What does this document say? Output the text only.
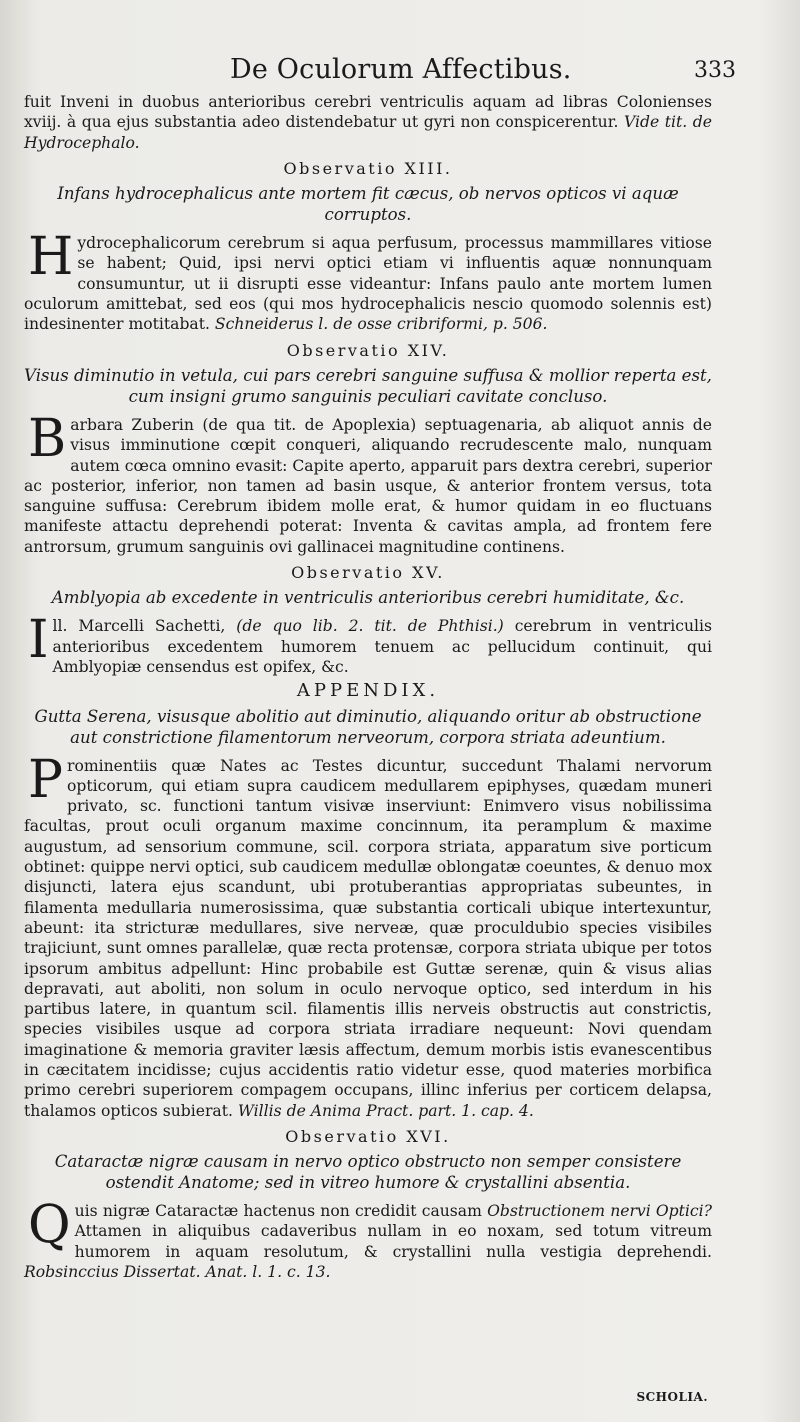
De Oculorum Affectibus.	333

fuit Inveni in duobus anterioribus cerebri ventriculis aquam ad libras Colonienses xviij. à qua ejus substantia adeo distendebatur ut gyri non conspicerentur. Vide tit. de Hydrocephalo.

Observatio XIII.
Infans hydrocephalicus ante mortem fit cæcus, ob nervos opticos vi aquæ corruptos.

Hydrocephalicorum cerebrum si aqua perfusum, processus mammillares vitiose se habent; Quid, ipsi nervi optici etiam vi influentis aquæ nonnunquam consumuntur, ut ii disrupti esse videantur: Infans paulo ante mortem lumen oculorum amittebat, sed eos (qui mos hydrocephalicis nescio quomodo solennis est) indesinenter motitabat. Schneiderus l. de osse cribriformi, p. 506.

Observatio XIV.
Visus diminutio in vetula, cui pars cerebri sanguine suffusa & mollior reperta est, cum insigni grumo sanguinis peculiari cavitate concluso.

Barbara Zuberin (de qua tit. de Apoplexia) septuagenaria, ab aliquot annis de visus imminutione cœpit conqueri, aliquando recrudescente malo, nunquam autem cœca omnino evasit: Capite aperto, apparuit pars dextra cerebri, superior ac posterior, inferior, non tamen ad basin usque, & anterior frontem versus, tota sanguine suffusa: Cerebrum ibidem molle erat, & humor quidam in eo fluctuans manifeste attactu deprehendi poterat: Inventa & cavitas ampla, ad frontem fere antrorsum, grumum sanguinis ovi gallinacei magnitudine continens.

Observatio XV.
Amblyopia ab excedente in ventriculis anterioribus cerebri humiditate, &c.

Ill. Marcelli Sachetti, (de quo lib. 2. tit. de Phthisi.) cerebrum in ventriculis anterioribus excedentem humorem tenuem ac pellucidum continuit, qui Amblyopiæ censendus est opifex, &c.

APPENDIX.
Gutta Serena, visusque abolitio aut diminutio, aliquando oritur ab obstructione aut constrictione filamentorum nerveorum, corpora striata adeuntium.

Prominentiis quæ Nates ac Testes dicuntur, succedunt Thalami nervorum opticorum, qui etiam supra caudicem medullarem epiphyses, quædam muneri privato, sc. functioni tantum visivæ inserviunt: Enimvero visus nobilissima facultas, prout oculi organum maxime concinnum, ita peramplum & maxime augustum, ad sensorium commune, scil. corpora striata, apparatum sive porticum obtinet: quippe nervi optici, sub caudicem medullæ oblongatæ coeuntes, & denuo mox disjuncti, latera ejus scandunt, ubi protuberantias appropriatas subeuntes, in filamenta medullaria numerosissima, quæ substantia corticali ubique intertexuntur, abeunt: ita stricturæ medullares, sive nerveæ, quæ proculdubio species visibiles trajiciunt, sunt omnes parallelæ, quæ recta protensæ, corpora striata ubique per totos ipsorum ambitus adpellunt: Hinc probabile est Guttæ serenæ, quin & visus alias depravati, aut aboliti, non solum in oculo nervoque optico, sed interdum in his partibus latere, in quantum scil. filamentis illis nerveis obstructis aut constrictis, species visibiles usque ad corpora striata irradiare nequeunt: Novi quendam imaginatione & memoria graviter læsis affectum, demum morbis istis evanescentibus in cæcitatem incidisse; cujus accidentis ratio videtur esse, quod materies morbifica primo cerebri superiorem compagem occupans, illinc inferius per corticem delapsa, thalamos opticos subierat. Willis de Anima Pract. part. 1. cap. 4.

Observatio XVI.
Cataractæ nigræ causam in nervo optico obstructo non semper consistere ostendit Anatome; sed in vitreo humore & crystallini absentia.

Quis nigræ Cataractæ hactenus non credidit causam Obstructionem nervi Optici? Attamen in aliquibus cadaveribus nullam in eo noxam, sed totum vitreum humorem in aquam resolutum, & crystallini nulla vestigia deprehendi. Robsinccius Dissertat. Anat. l. 1. c. 13.

SCHOLIA.
